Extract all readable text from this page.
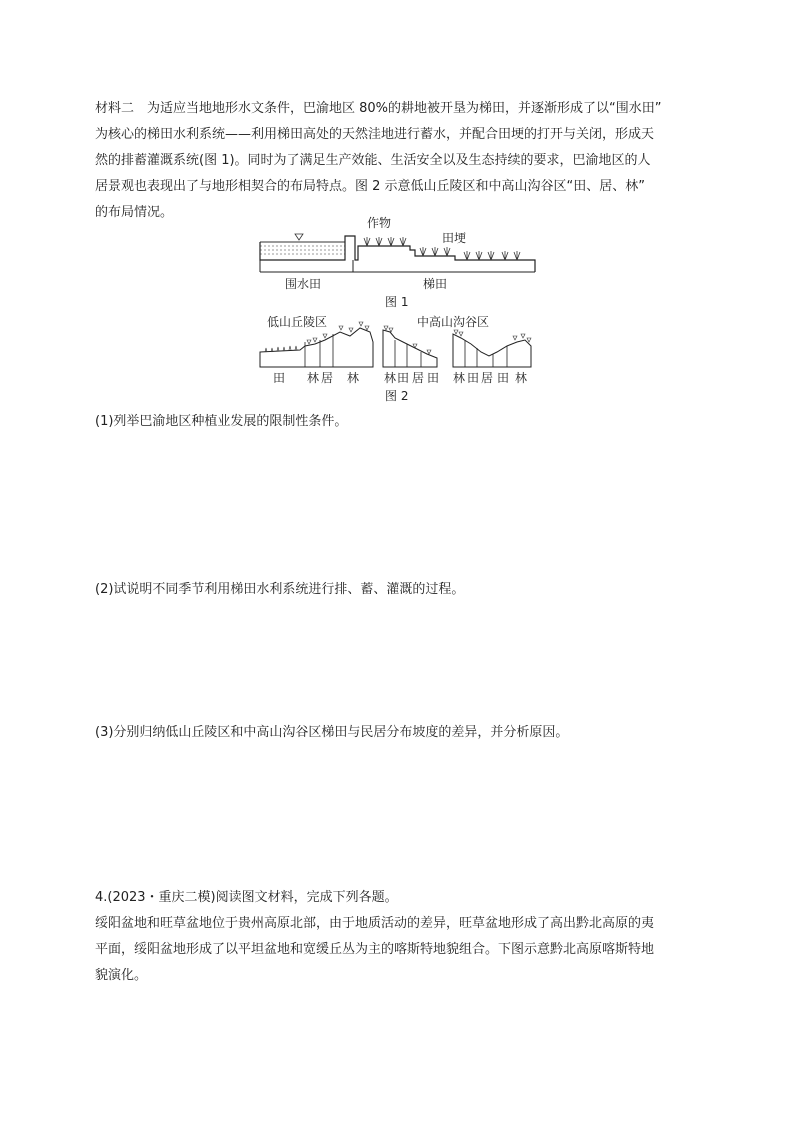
材料二　为适应当地地形水文条件，巴渝地区 80%的耕地被开垦为梯田，并逐渐形成了以“围水田”
为核心的梯田水利系统——利用梯田高处的天然洼地进行蓄水，并配合田埂的打开与关闭，形成天
然的排蓄灌溉系统(图 1)。同时为了满足生产效能、生活安全以及生态持续的要求，巴渝地区的人
居景观也表现出了与地形相契合的布局特点。图 2 示意低山丘陵区和中高山沟谷区“田、居、林”
的布局情况。
作物
田埂
围水田	梯田
图 1
低山丘陵区	中高山沟谷区
田 林 居 林 林 田 居 田 林 田 居 田 林
图 2
(1)列举巴渝地区种植业发展的限制性条件。
(2)试说明不同季节利用梯田水利系统进行排、蓄、灌溉的过程。
(3)分别归纳低山丘陵区和中高山沟谷区梯田与民居分布坡度的差异，并分析原因。
4.(2023・重庆二模)阅读图文材料，完成下列各题。
绥阳盆地和旺草盆地位于贵州高原北部，由于地质活动的差异，旺草盆地形成了高出黔北高原的夷
平面，绥阳盆地形成了以平坦盆地和宽缓丘丛为主的喀斯特地貌组合。下图示意黔北高原喀斯特地
貌演化。
